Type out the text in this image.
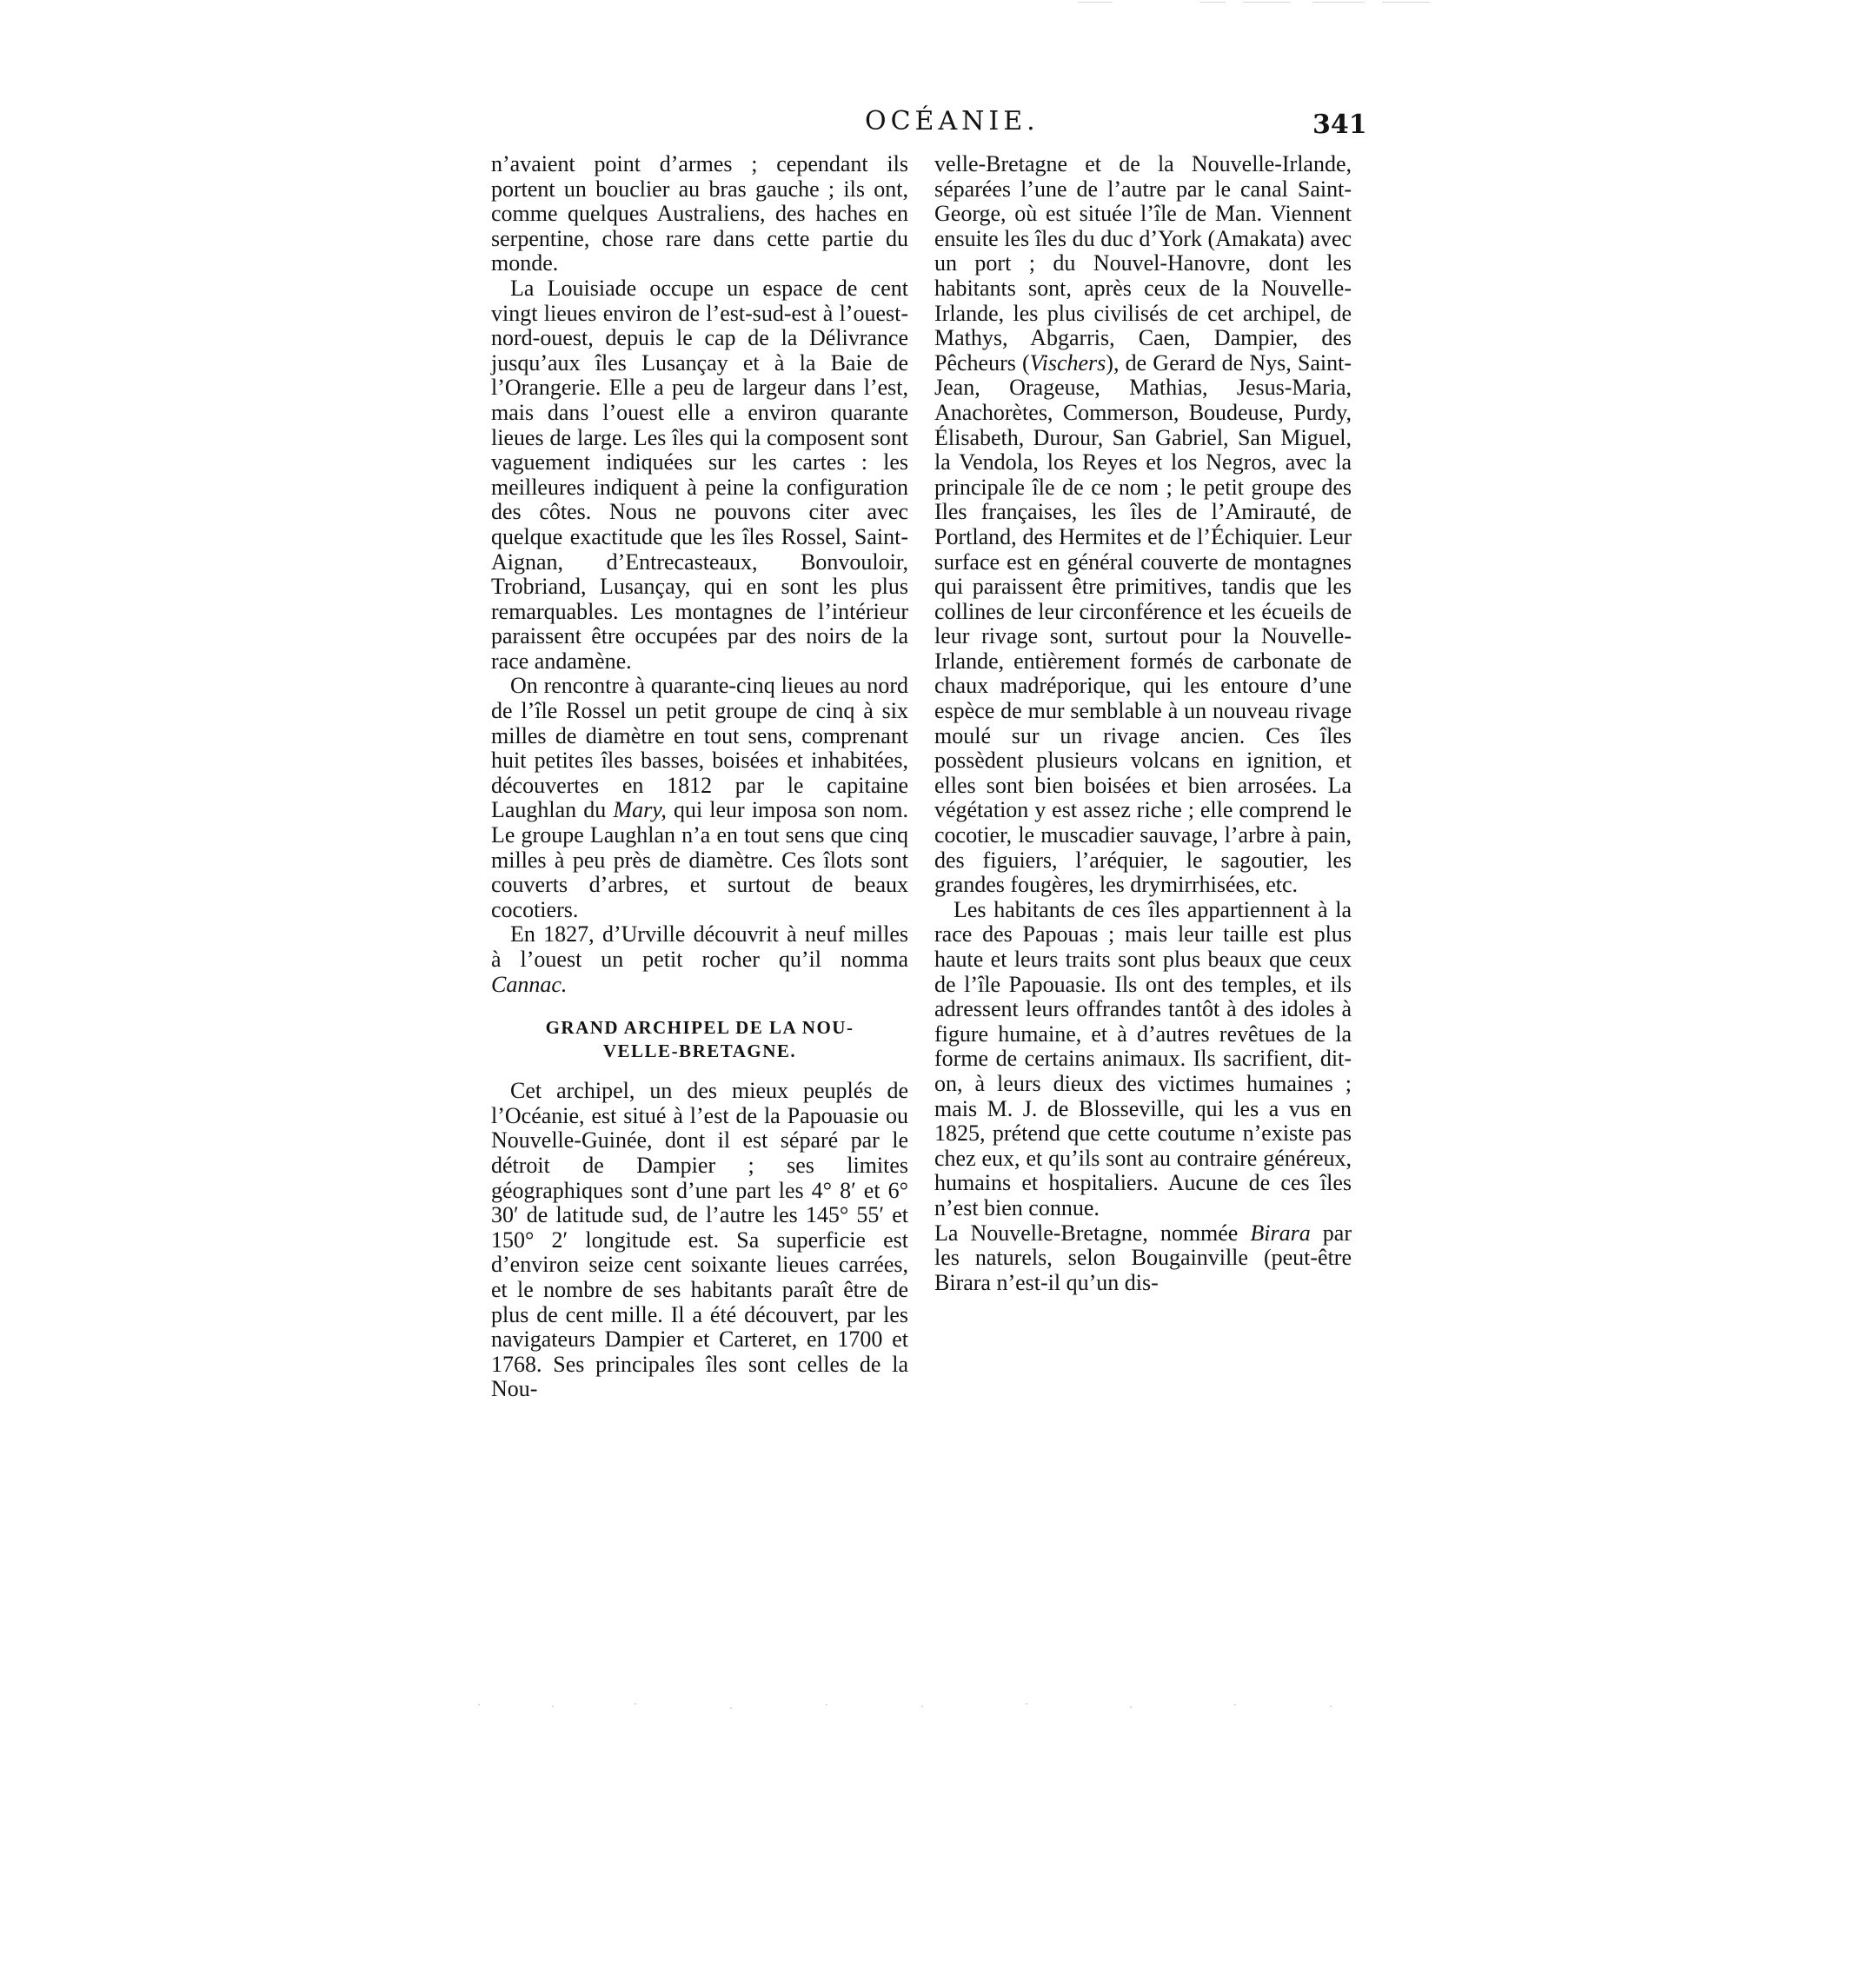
OCÉANIE.	341

n’avaient point d’armes ; cependant ils portent un bouclier au bras gauche ; ils ont, comme quelques Australiens, des haches en serpentine, chose rare dans cette partie du monde.

La Louisiade occupe un espace de cent vingt lieues environ de l’est-sud-est à l’ouest-nord-ouest, depuis le cap de la Délivrance jusqu’aux îles Lusançay et à la Baie de l’Orangerie. Elle a peu de largeur dans l’est, mais dans l’ouest elle a environ quarante lieues de large. Les îles qui la composent sont vaguement indiquées sur les cartes : les meilleures indiquent à peine la configuration des côtes. Nous ne pouvons citer avec quelque exactitude que les îles Rossel, Saint-Aignan, d’Entrecasteaux, Bonvouloir, Trobriand, Lusançay, qui en sont les plus remarquables. Les montagnes de l’intérieur paraissent être occupées par des noirs de la race andamène.

On rencontre à quarante-cinq lieues au nord de l’île Rossel un petit groupe de cinq à six milles de diamètre en tout sens, comprenant huit petites îles basses, boisées et inhabitées, découvertes en 1812 par le capitaine Laughlan du Mary, qui leur imposa son nom. Le groupe Laughlan n’a en tout sens que cinq milles à peu près de diamètre. Ces îlots sont couverts d’arbres, et surtout de beaux cocotiers.

En 1827, d’Urville découvrit à neuf milles à l’ouest un petit rocher qu’il nomma Cannac.

GRAND ARCHIPEL DE LA NOU-
VELLE-BRETAGNE.

Cet archipel, un des mieux peuplés de l’Océanie, est situé à l’est de la Papouasie ou Nouvelle-Guinée, dont il est séparé par le détroit de Dampier ; ses limites géographiques sont d’une part les 4° 8′ et 6° 30′ de latitude sud, de l’autre les 145° 55′ et 150° 2′ longitude est. Sa superficie est d’environ seize cent soixante lieues carrées, et le nombre de ses habitants paraît être de plus de cent mille. Il a été découvert, par les navigateurs Dampier et Carteret, en 1700 et 1768. Ses principales îles sont celles de la Nou-

velle-Bretagne et de la Nouvelle-Irlande, séparées l’une de l’autre par le canal Saint-George, où est située l’île de Man. Viennent ensuite les îles du duc d’York (Amakata) avec un port ; du Nouvel-Hanovre, dont les habitants sont, après ceux de la Nouvelle-Irlande, les plus civilisés de cet archipel, de Mathys, Abgarris, Caen, Dampier, des Pêcheurs (Vischers), de Gerard de Nys, Saint-Jean, Orageuse, Mathias, Jesus-Maria, Anachorètes, Commerson, Boudeuse, Purdy, Élisabeth, Durour, San Gabriel, San Miguel, la Vendola, los Reyes et los Negros, avec la principale île de ce nom ; le petit groupe des Iles françaises, les îles de l’Amirauté, de Portland, des Hermites et de l’Échiquier. Leur surface est en général couverte de montagnes qui paraissent être primitives, tandis que les collines de leur circonférence et les écueils de leur rivage sont, surtout pour la Nouvelle-Irlande, entièrement formés de carbonate de chaux madréporique, qui les entoure d’une espèce de mur semblable à un nouveau rivage moulé sur un rivage ancien. Ces îles possèdent plusieurs volcans en ignition, et elles sont bien boisées et bien arrosées. La végétation y est assez riche ; elle comprend le cocotier, le muscadier sauvage, l’arbre à pain, des figuiers, l’aréquier, le sagoutier, les grandes fougères, les drymirrhisées, etc.

Les habitants de ces îles appartiennent à la race des Papouas ; mais leur taille est plus haute et leurs traits sont plus beaux que ceux de l’île Papouasie. Ils ont des temples, et ils adressent leurs offrandes tantôt à des idoles à figure humaine, et à d’autres revêtues de la forme de certains animaux. Ils sacrifient, dit-on, à leurs dieux des victimes humaines ; mais M. J. de Blosseville, qui les a vus en 1825, prétend que cette coutume n’existe pas chez eux, et qu’ils sont au contraire généreux, humains et hospitaliers. Aucune de ces îles n’est bien connue.

La Nouvelle-Bretagne, nommée Birara par les naturels, selon Bougainville (peut-être Birara n’est-il qu’un dis-
